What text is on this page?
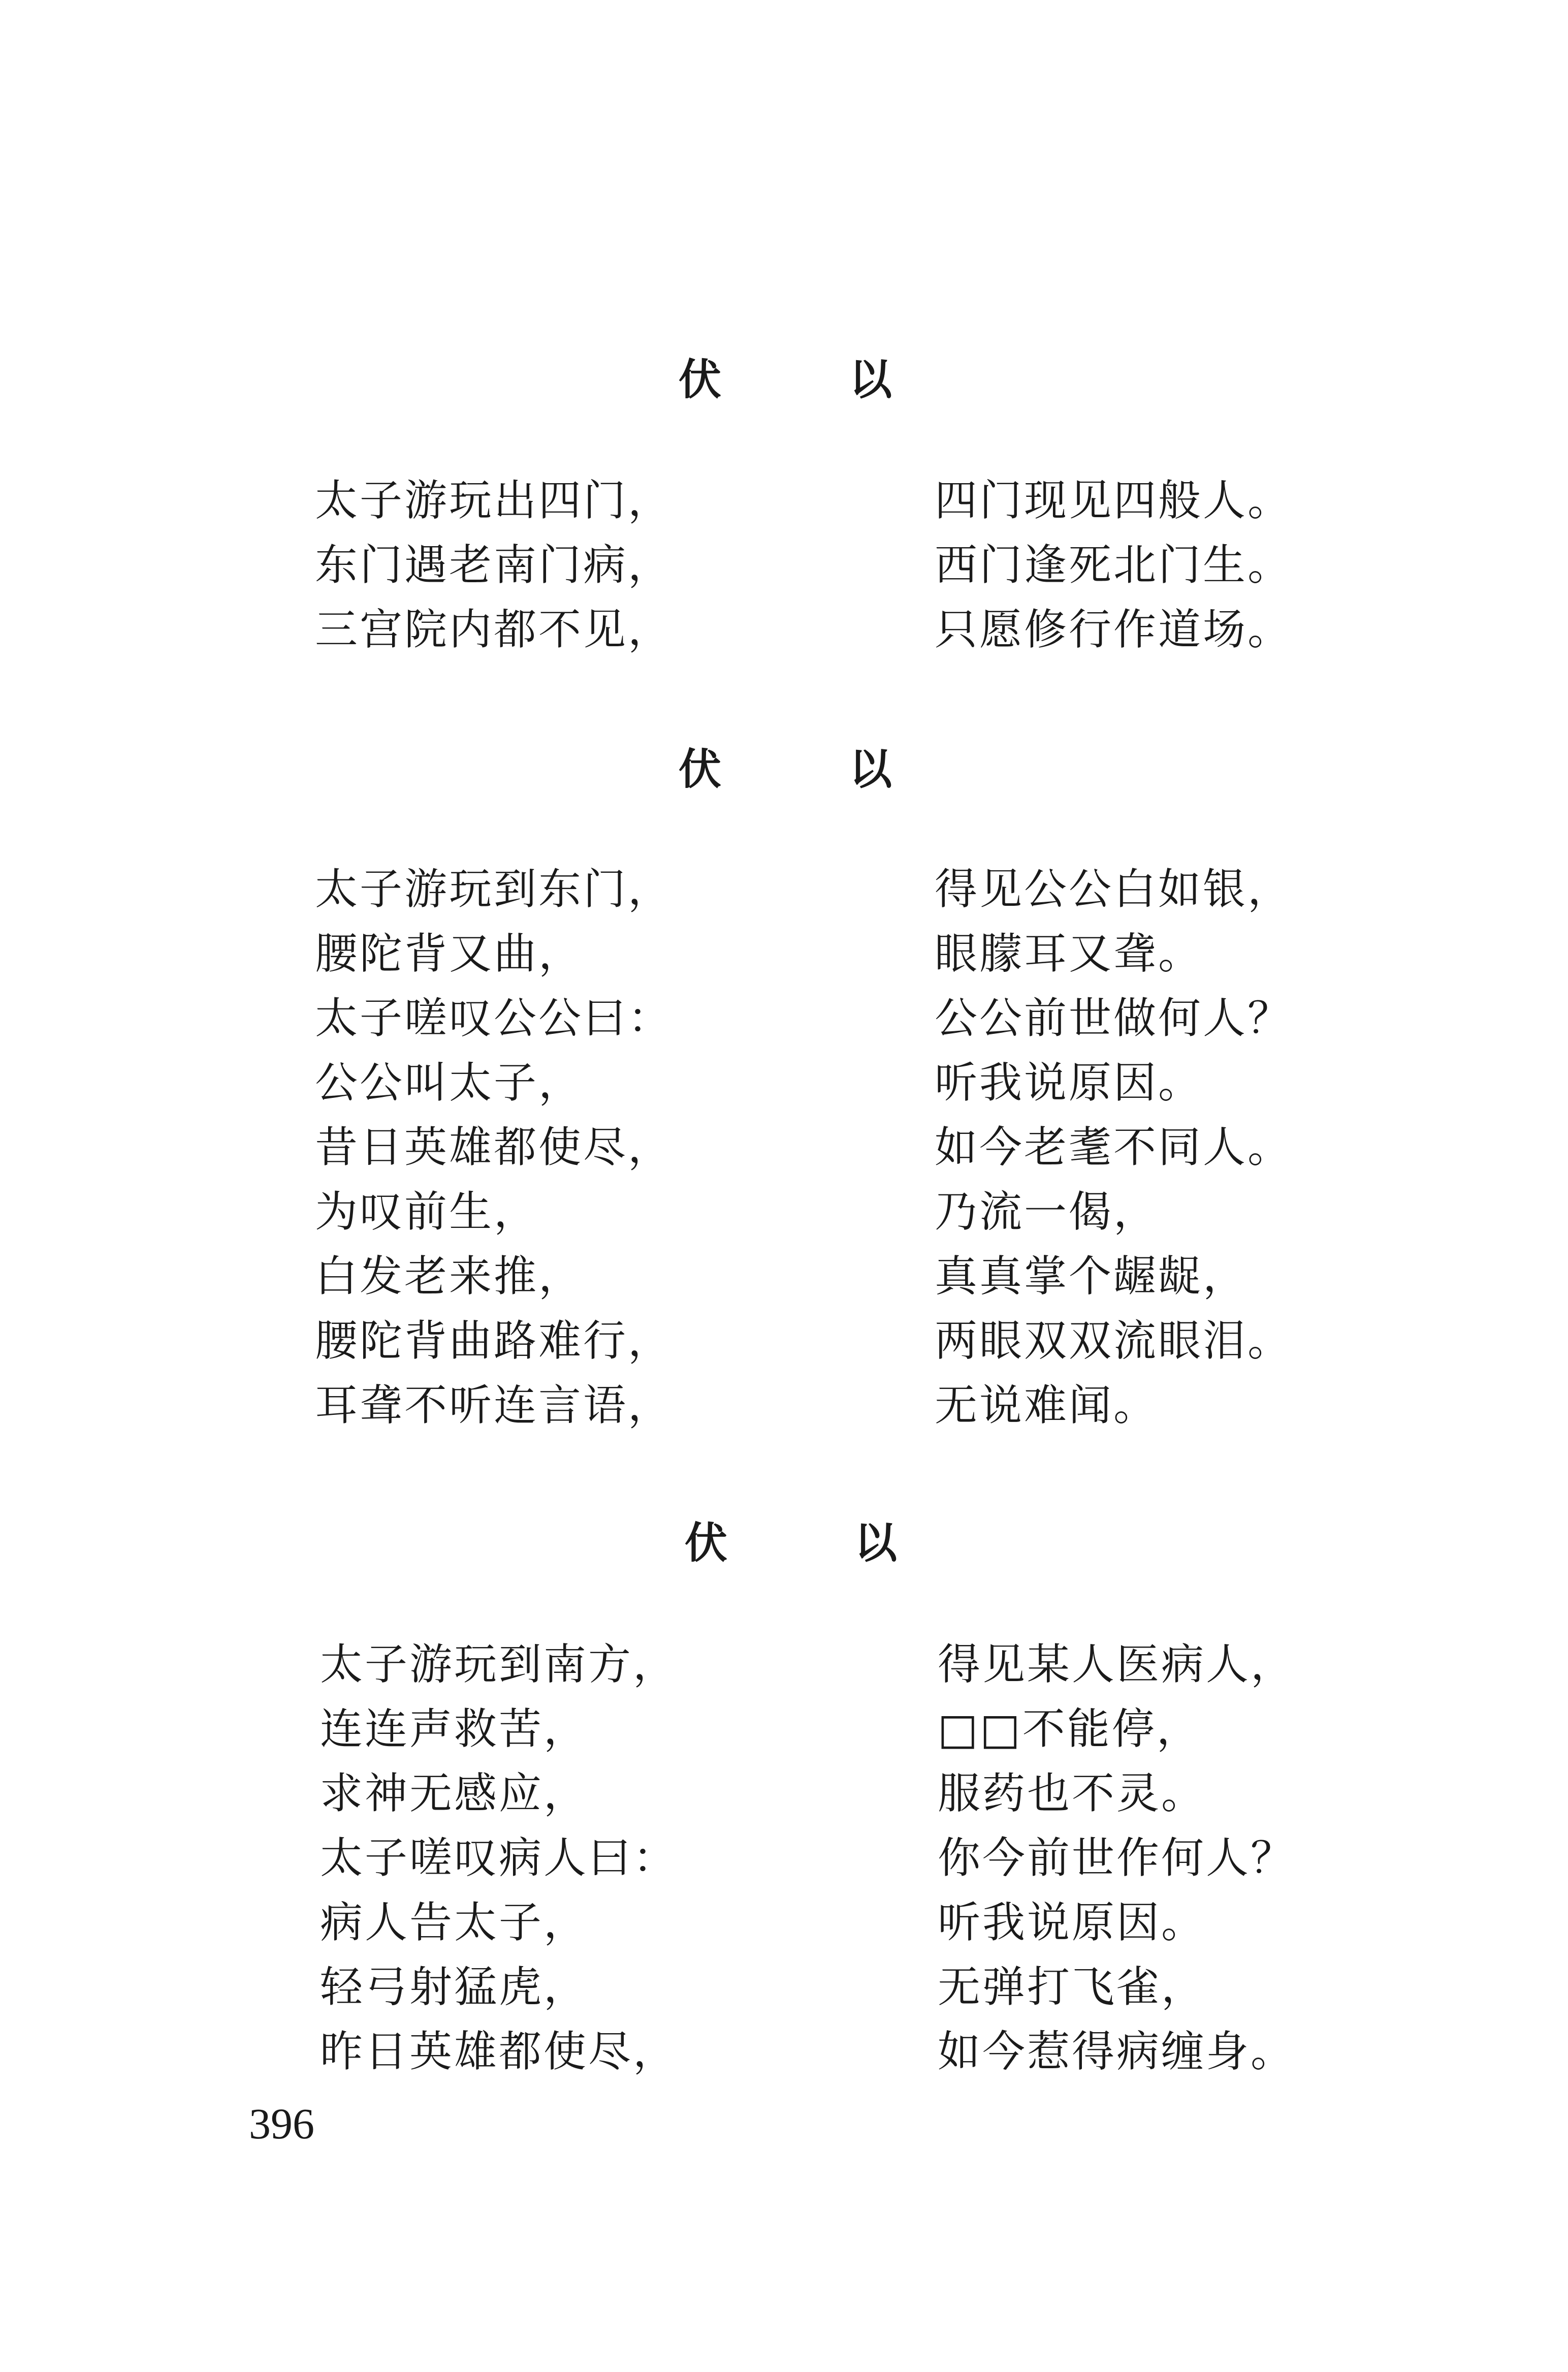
伏	以
太子游玩出四门，	四门现见四般人。
东门遇老南门病，	西门逢死北门生。
三宫院内都不见，	只愿修行作道场。
伏	以
太子游玩到东门，	得见公公白如银，
腰陀背又曲，	眼朦耳又聋。
太子嗟叹公公曰：	公公前世做何人？
公公叫太子，	听我说原因。
昔日英雄都使尽，	如今老耄不同人。
为叹前生，	乃流一偈，
白发老来推，	真真掌个龌龊，
腰陀背曲路难行，	两眼双双流眼泪。
耳聋不听连言语，	无说难闻。
伏	以
太子游玩到南方，	得见某人医病人，
连连声救苦，	□□不能停，
求神无感应，	服药也不灵。
太子嗟叹病人曰：	你今前世作何人？
病人告太子，	听我说原因。
轻弓射猛虎，	无弹打飞雀，
昨日英雄都使尽，	如今惹得病缠身。
396
